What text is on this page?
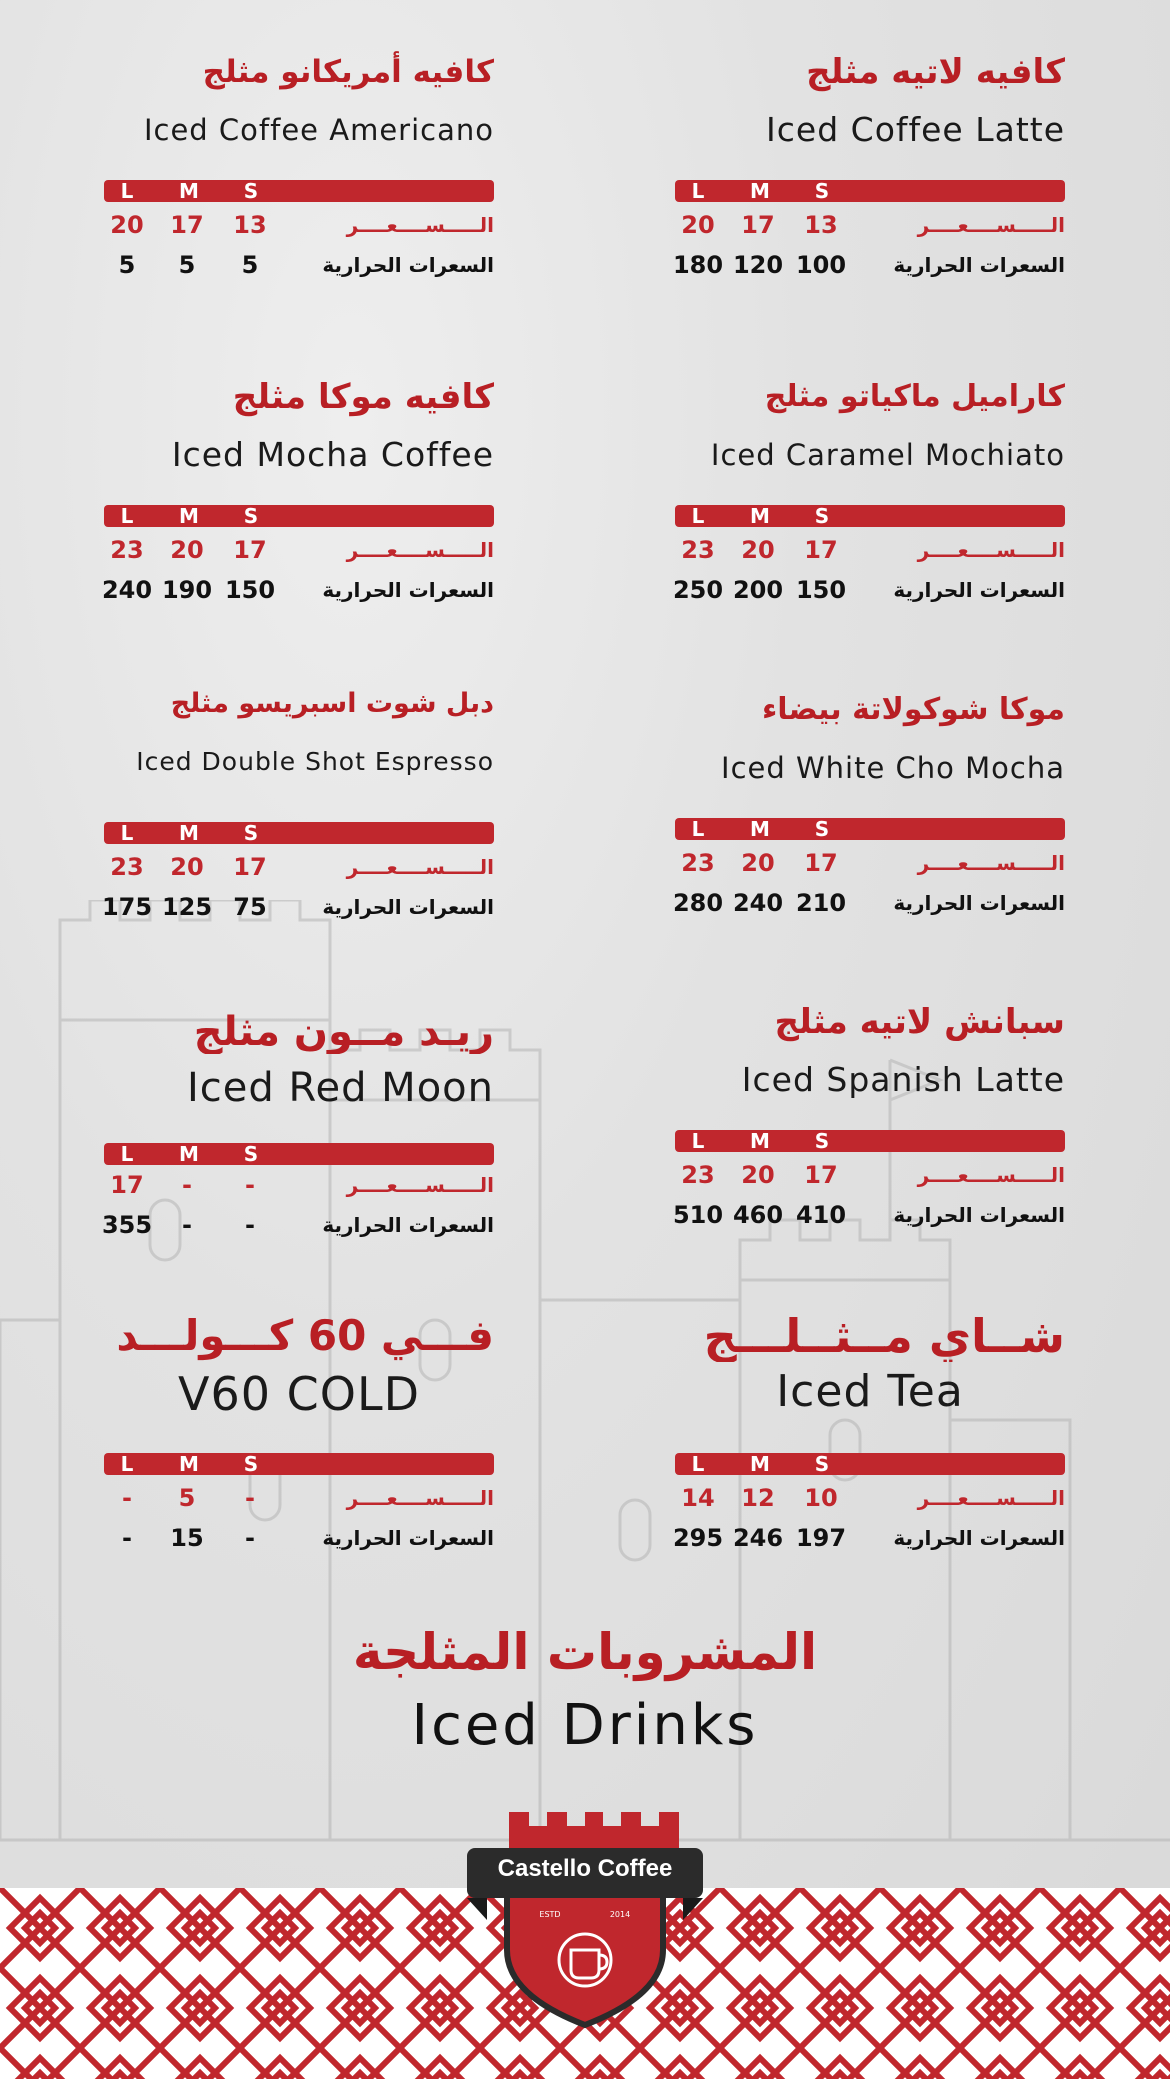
كافيه لاتيه مثلج
Iced Coffee Latte
L	M	S
20	17	13	الـــــســــعــــر
180 120 100	السعرات الحرارية
كافيه أمريكانو مثلج
Iced Coffee Americano
L	M	S
20	17	13	الـــــســــعــــر
5	5	5	السعرات الحرارية
كاراميل ماكياتو مثلج
Iced Caramel Mochiato
L	M	S
23	20	17	الـــــســــعــــر
250 200 150	السعرات الحرارية
كافيه موكا مثلج
Iced Mocha Coffee
L	M	S
23	20	17	الـــــســــعــــر
240 190 150	السعرات الحرارية
موكا شوكولاتة بيضاء
Iced White Cho Mocha
L	M	S
23	20	17	الـــــســــعــــر
280 240 210	السعرات الحرارية
دبل شوت اسبريسو مثلج
Iced Double Shot Espresso
L	M	S
23	20	17	الـــــســــعــــر
175 125 75	السعرات الحرارية
سبانش لاتيه مثلج
Iced Spanish Latte
L	M	S
23	20	17	الـــــســــعــــر
510 460 410	السعرات الحرارية
ريـد مــون مثلج
Iced Red Moon
L	M	S
17	-	-	الـــــســــعــــر
355	-	-	السعرات الحرارية
شــاي مــثــلـــج
Iced Tea
L	M	S
14	12	10	الـــــســــعــــر
295 246 197	السعرات الحرارية
فـــي 60 كـــولـــد
V60 COLD
L	M	S
-	5	-	الـــــســــعــــر
-	15	-	السعرات الحرارية
المشروبات المثلجة
Iced Drinks
Castello Coffee
ESTD	2014
